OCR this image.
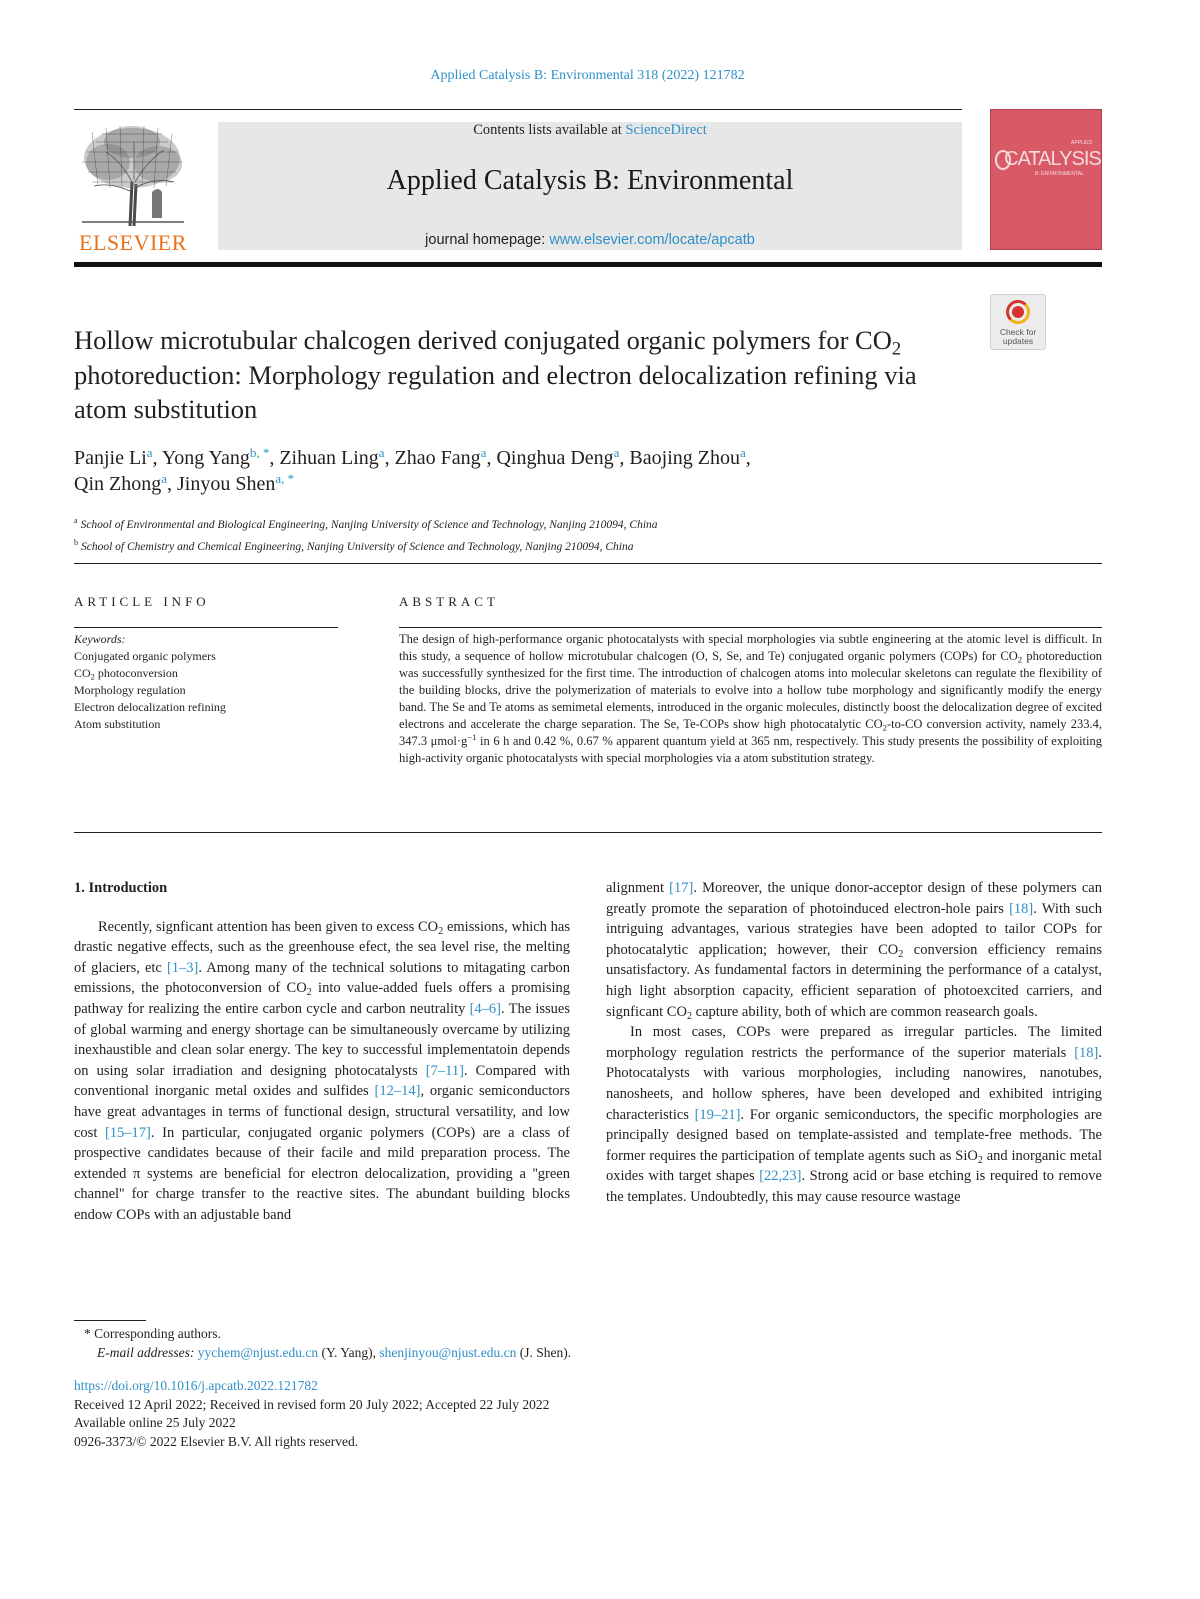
Applied Catalysis B: Environmental 318 (2022) 121782
ELSEVIER
Contents lists available at ScienceDirect
Applied Catalysis B: Environmental
journal homepage: www.elsevier.com/locate/apcatb
APPLIED
CATALYSIS
B: ENVIRONMENTAL
Hollow microtubular chalcogen derived conjugated organic polymers for $CO_2$ photoreduction: Morphology regulation and electron delocalization refining via atom substitution
Check for updates
Panjie Li$^a$, Yong Yang$^{b, *}$, Zihuan Ling$^a$, Zhao Fang$^a$, Qinghua Deng$^a$, Baojing Zhou$^a$,
Qin Zhong$^a$, Jinyou Shen$^{a, *}$
$^a$ School of Environmental and Biological Engineering, Nanjing University of Science and Technology, Nanjing 210094, China
$^b$ School of Chemistry and Chemical Engineering, Nanjing University of Science and Technology, Nanjing 210094, China
ARTICLE INFO	ABSTRACT
Keywords:
Conjugated organic polymers
$CO_2$ photoconversion
Morphology regulation
Electron delocalization refining
Atom substitution
The design of high-performance organic photocatalysts with special morphologies via subtle engineering at the atomic level is difficult. In this study, a sequence of hollow microtubular chalcogen (O, S, Se, and Te) conjugated organic polymers (COPs) for $CO_2$ photoreduction was successfully synthesized for the first time. The introduction of chalcogen atoms into molecular skeletons can regulate the flexibility of the building blocks, drive the polymerization of materials to evolve into a hollow tube morphology and significantly modify the energy band. The Se and Te atoms as semimetal elements, introduced in the organic molecules, distinctly boost the delocalization degree of excited electrons and accelerate the charge separation. The Se, Te-COPs show high photocatalytic $CO_2-to-CO$ conversion activity, namely 233.4, 347.3 $\mu mol\cdot g^{-1}$ in 6 h and 0.42 %, 0.67 % apparent quantum yield at 365 nm, respectively. This study presents the possibility of exploiting high-activity organic photocatalysts with special morphologies via a atom substitution strategy.
1. Introduction

Recently, signficant attention has been given to excess $CO_2$ emissions, which has drastic negative effects, such as the greenhouse efect, the sea level rise, the melting of glaciers, etc [1–3]. Among many of the technical solutions to mitagating carbon emissions, the photoconversion of $CO_2$ into value-added fuels offers a promising pathway for realizing the entire carbon cycle and carbon neutrality [4–6]. The issues of global warming and energy shortage can be simultaneously overcame by utilizing inexhaustible and clean solar energy. The key to successful implementatoin depends on using solar irradiation and designing photocatalysts [7–11]. Compared with conventional inorganic metal oxides and sulfides [12–14], organic semiconductors have great advantages in terms of functional design, structural versatility, and low cost [15–17]. In particular, conjugated organic polymers (COPs) are a class of prospective candidates because of their facile and mild preparation process. The extended π systems are beneficial for electron delocalization, providing a ''green channel'' for charge transfer to the reactive sites. The abundant building blocks endow COPs with an adjustable band

alignment [17]. Moreover, the unique donor-acceptor design of these polymers can greatly promote the separation of photoinduced electron-hole pairs [18]. With such intriguing advantages, various strategies have been adopted to tailor COPs for photocatalytic application; however, their $CO_2$ conversion efficiency remains unsatisfactory. As fundamental factors in determining the performance of a catalyst, high light absorption capacity, efficient separation of photoexcited carriers, and signficant $CO_2$ capture ability, both of which are common reasearch goals.

In most cases, COPs were prepared as irregular particles. The limited morphology regulation restricts the performance of the superior materials [18]. Photocatalysts with various morphologies, including nanowires, nanotubes, nanosheets, and hollow spheres, have been developed and exhibited intriging characteristics [19–21]. For organic semiconductors, the specific morphologies are principally designed based on template-assisted and template-free methods. The former requires the participation of template agents such as SiO$_2$ and inorganic metal oxides with target shapes [22,23]. Strong acid or base etching is required to remove the templates. Undoubtedly, this may cause resource wastage

* Corresponding authors.
E-mail addresses: yychem@njust.edu.cn (Y. Yang), shenjinyou@njust.edu.cn (J. Shen).
https://doi.org/10.1016/j.apcatb.2022.121782
Received 12 April 2022; Received in revised form 20 July 2022; Accepted 22 July 2022
Available online 25 July 2022
0926-3373/© 2022 Elsevier B.V. All rights reserved.
